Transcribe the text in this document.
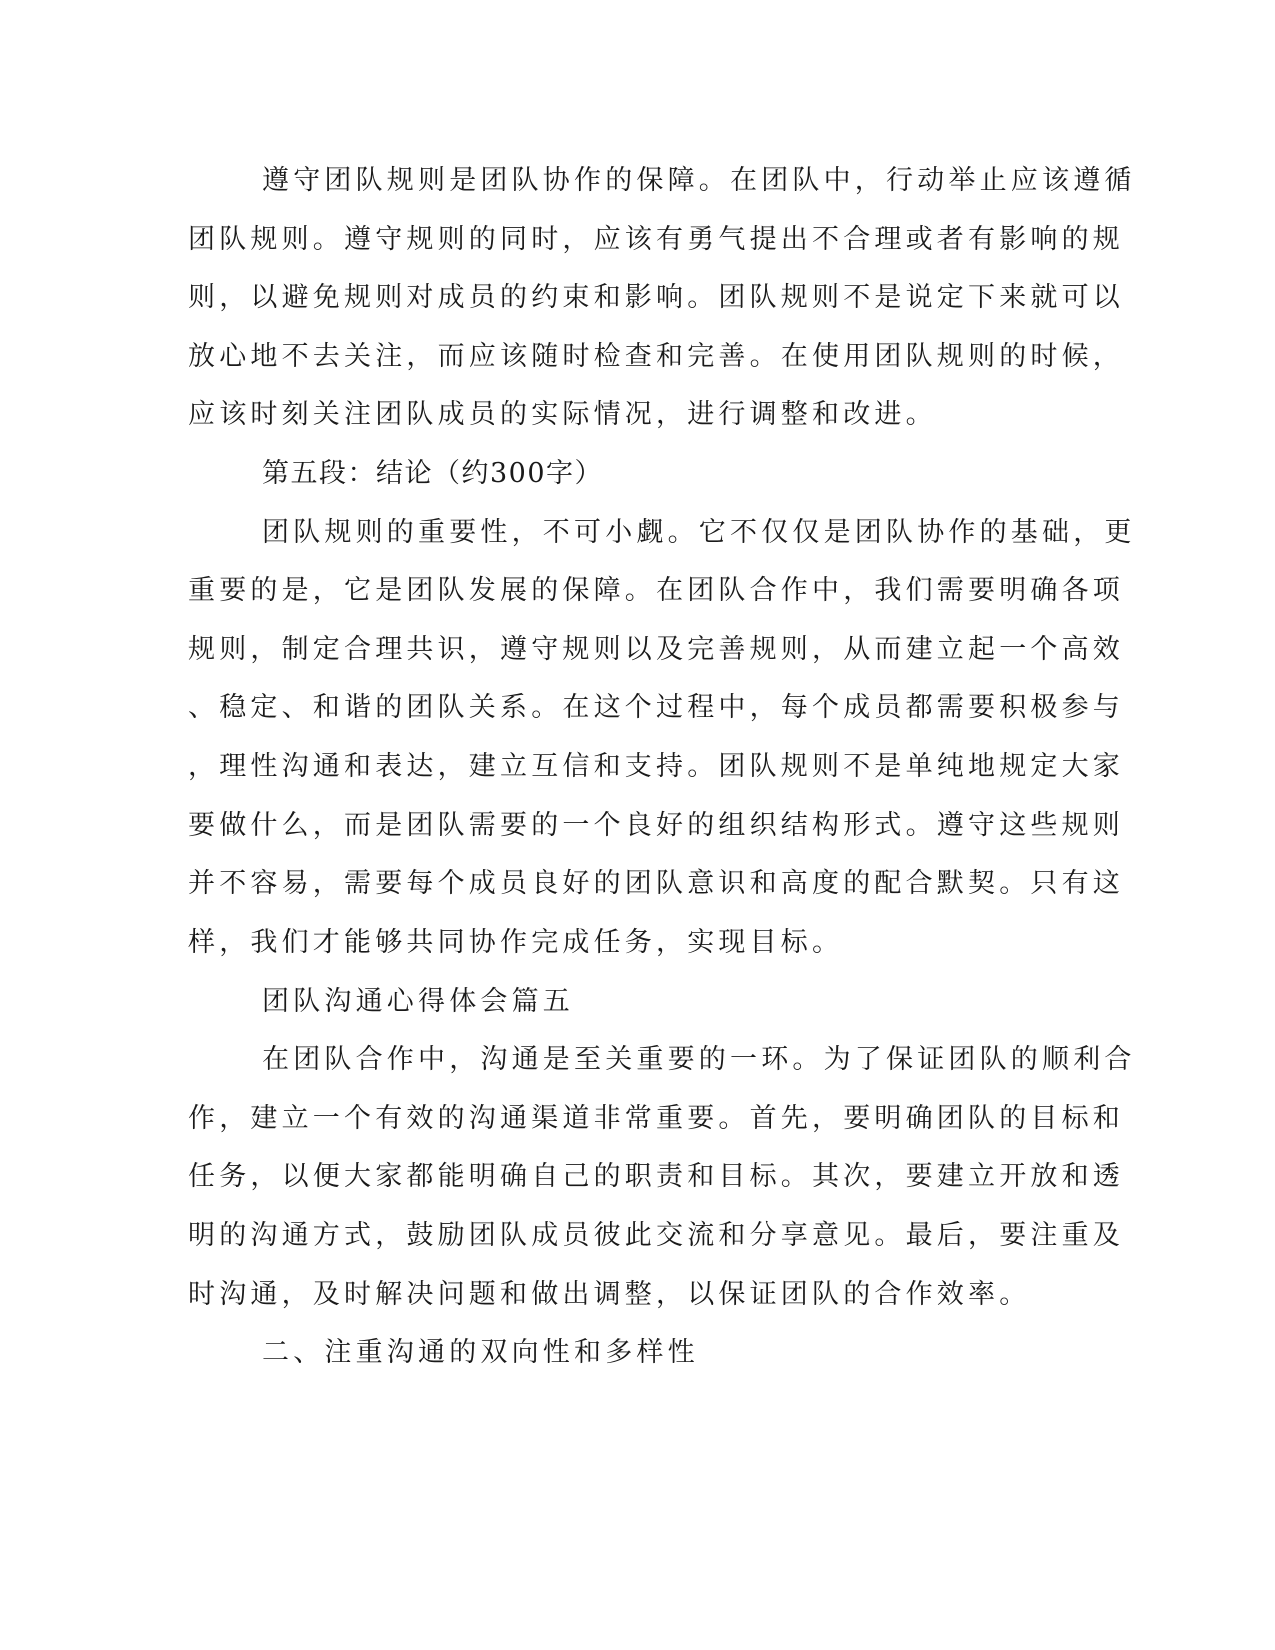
遵守团队规则是团队协作的保障。在团队中，行动举止应该遵循

团队规则。遵守规则的同时，应该有勇气提出不合理或者有影响的规

则，以避免规则对成员的约束和影响。团队规则不是说定下来就可以

放心地不去关注，而应该随时检查和完善。在使用团队规则的时候，

应该时刻关注团队成员的实际情况，进行调整和改进。

第五段：结论（约300字）

团队规则的重要性，不可小觑。它不仅仅是团队协作的基础，更

重要的是，它是团队发展的保障。在团队合作中，我们需要明确各项

规则，制定合理共识，遵守规则以及完善规则，从而建立起一个高效

、稳定、和谐的团队关系。在这个过程中，每个成员都需要积极参与

，理性沟通和表达，建立互信和支持。团队规则不是单纯地规定大家

要做什么，而是团队需要的一个良好的组织结构形式。遵守这些规则

并不容易，需要每个成员良好的团队意识和高度的配合默契。只有这

样，我们才能够共同协作完成任务，实现目标。

团队沟通心得体会篇五

在团队合作中，沟通是至关重要的一环。为了保证团队的顺利合

作，建立一个有效的沟通渠道非常重要。首先，要明确团队的目标和

任务，以便大家都能明确自己的职责和目标。其次，要建立开放和透

明的沟通方式，鼓励团队成员彼此交流和分享意见。最后，要注重及

时沟通，及时解决问题和做出调整，以保证团队的合作效率。

二、注重沟通的双向性和多样性
